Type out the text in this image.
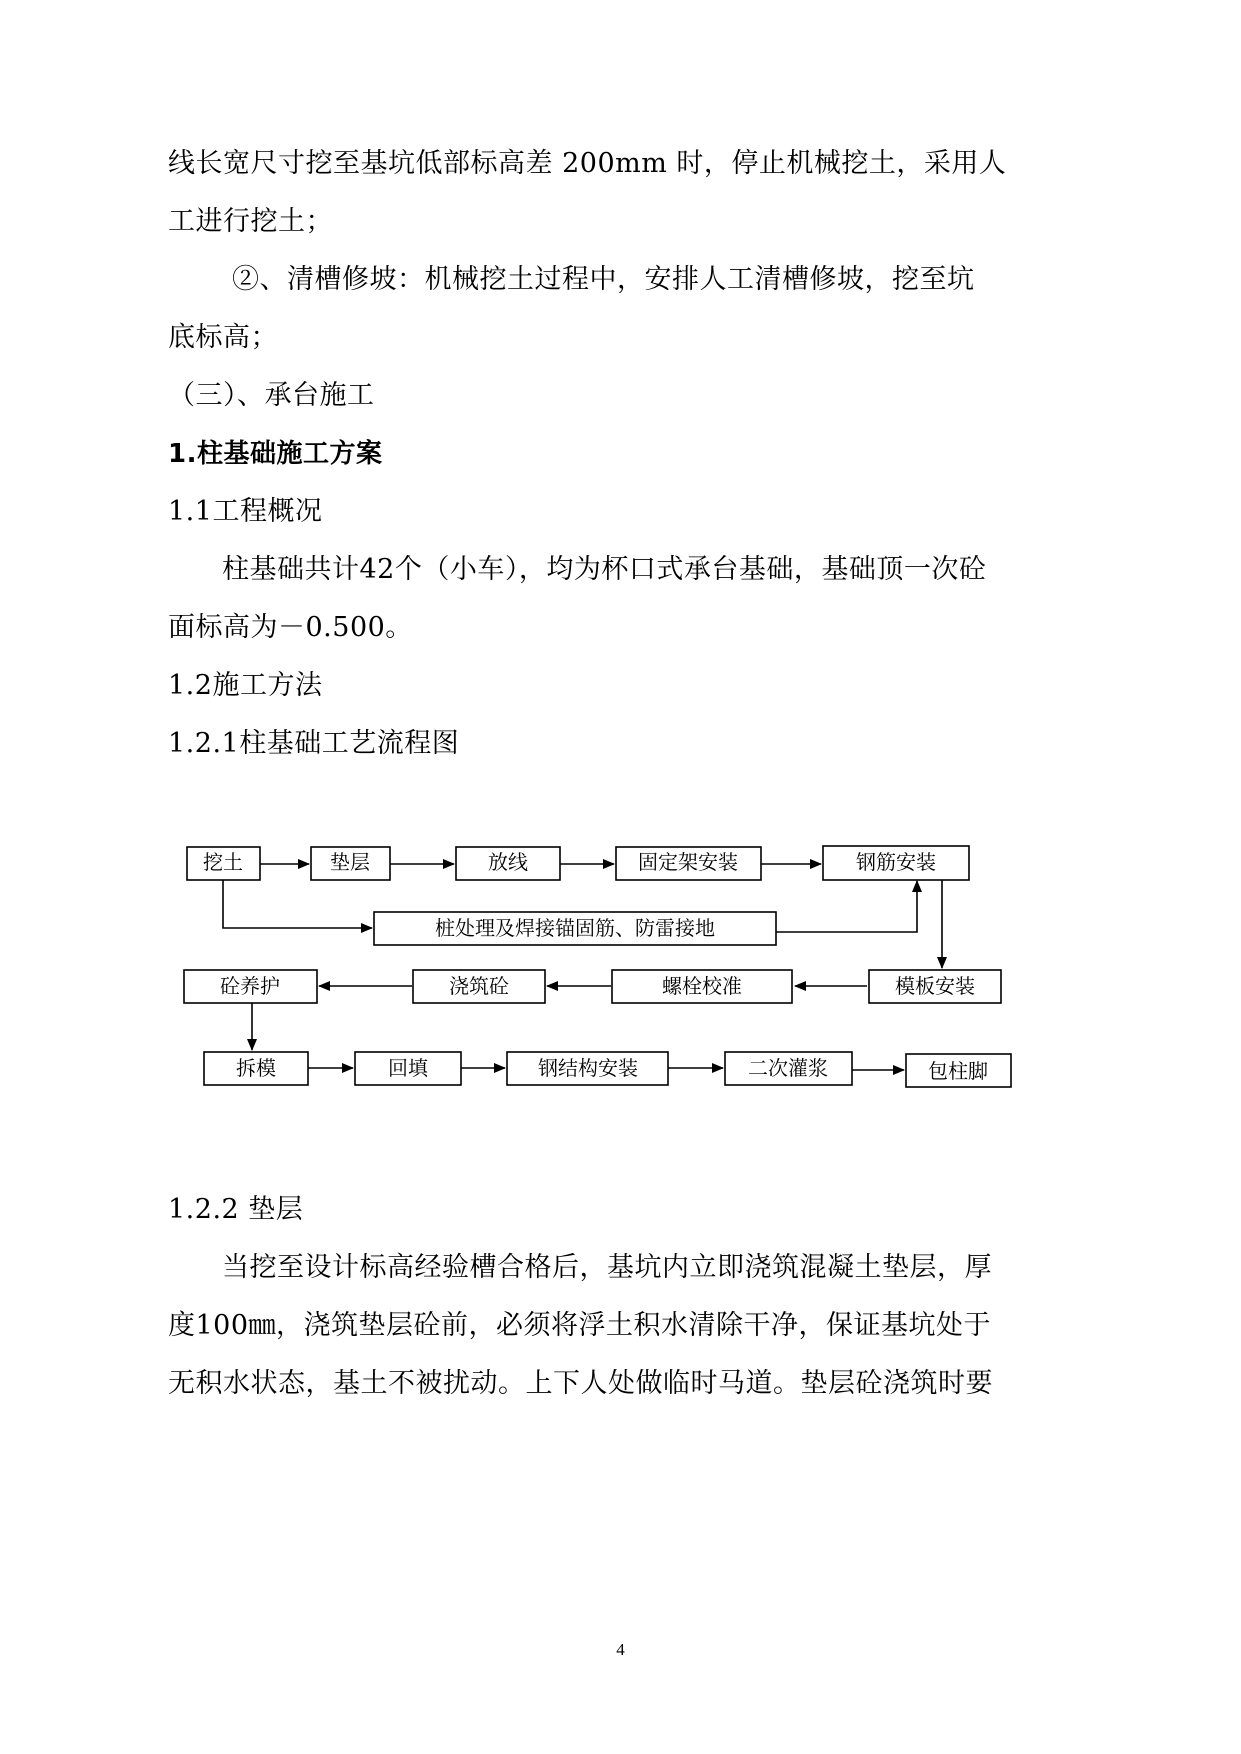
线长宽尺寸挖至基坑低部标高差 200mm 时，停止机械挖土，采用人
工进行挖土；
②、清槽修坡：机械挖土过程中，安排人工清槽修坡，挖至坑
底标高；
（三）、承台施工
1.柱基础施工方案
1.1工程概况
柱基础共计42个（小车），均为杯口式承台基础，基础顶一次砼
面标高为－0.500。
1.2施工方法
1.2.1柱基础工艺流程图
挖土	垫层	放线	固定架安装	钢筋安装
桩处理及焊接锚固筋、防雷接地
模板安装
螺栓校准
浇筑砼
砼养护
拆模	回填	钢结构安装	二次灌浆	包柱脚
1.2.2 垫层
当挖至设计标高经验槽合格后，基坑内立即浇筑混凝土垫层，厚
度100㎜，浇筑垫层砼前，必须将浮土积水清除干净，保证基坑处于
无积水状态，基土不被扰动。上下人处做临时马道。垫层砼浇筑时要
4
